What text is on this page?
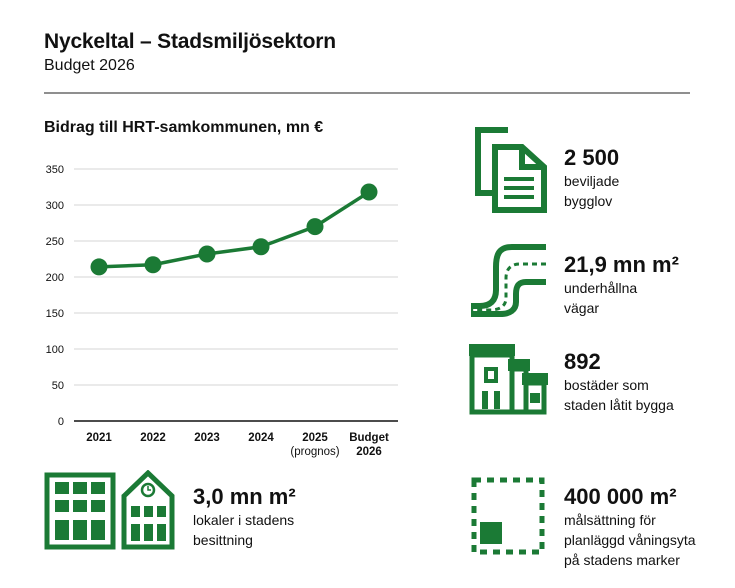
Nyckeltal – Stadsmiljösektorn
Budget 2026
Bidrag till HRT-samkommunen, mn €
0
50
100
150
200
250
300
350
2021 2022 2023 2024	2025 (prognos)
Budget 2026
2 500
beviljade
bygglov
21,9 mn m²
underhållna
vägar
892
bostäder som
staden låtit bygga
3,0 mn m²
lokaler i stadens
besittning
400 000 m²
målsättning för
planläggd våningsyta
på stadens marker
